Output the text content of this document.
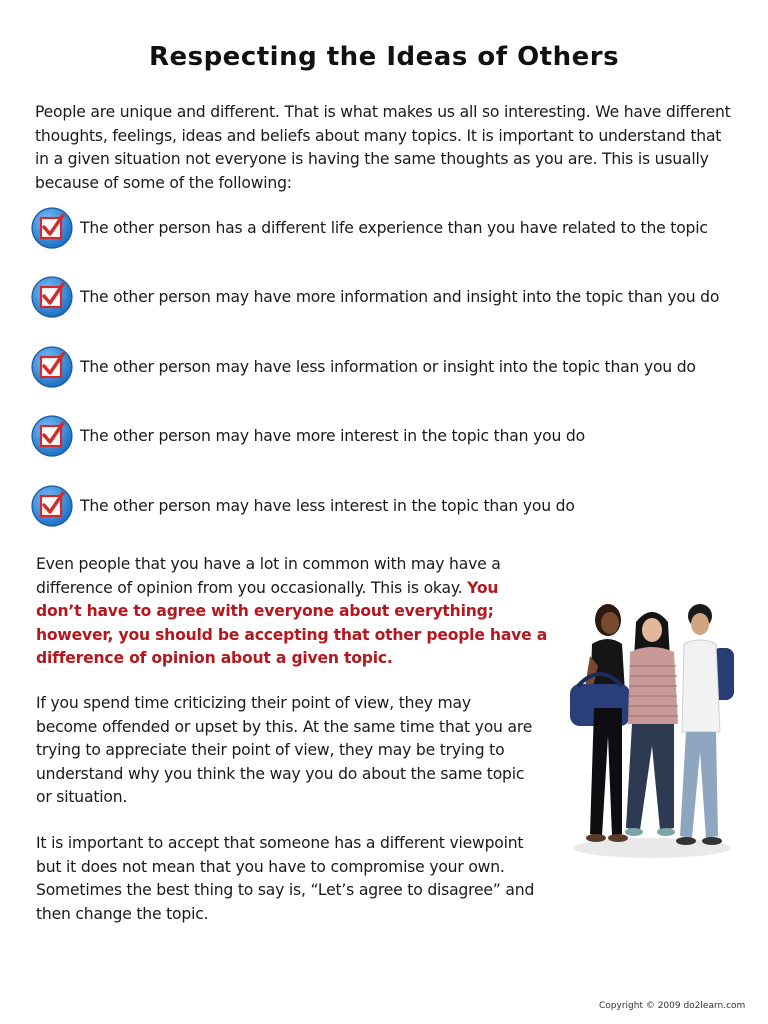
Respecting the Ideas of Others
People are unique and different. That is what makes us all so interesting. We have different
thoughts, feelings, ideas and beliefs about many topics. It is important to understand that
in a given situation not everyone is having the same thoughts as you are. This is usually
because of some of the following:
The other person has a different life experience than you have related to the topic
The other person may have more information and insight into the topic than you do
The other person may have less information or insight into the topic than you do
The other person may have more interest in the topic than you do
The other person may have less interest in the topic than you do
Even people that you have a lot in common with may have a
difference of opinion from you occasionally. This is okay. You
don’t have to agree with everyone about everything;
however, you should be accepting that other people have a
difference of opinion about a given topic.
If you spend time criticizing their point of view, they may
become offended or upset by this. At the same time that you are
trying to appreciate their point of view, they may be trying to
understand why you think the way you do about the same topic
or situation.
It is important to accept that someone has a different viewpoint
but it does not mean that you have to compromise your own.
Sometimes the best thing to say is, “Let’s agree to disagree” and
then change the topic.
Copyright © 2009 do2learn.com
